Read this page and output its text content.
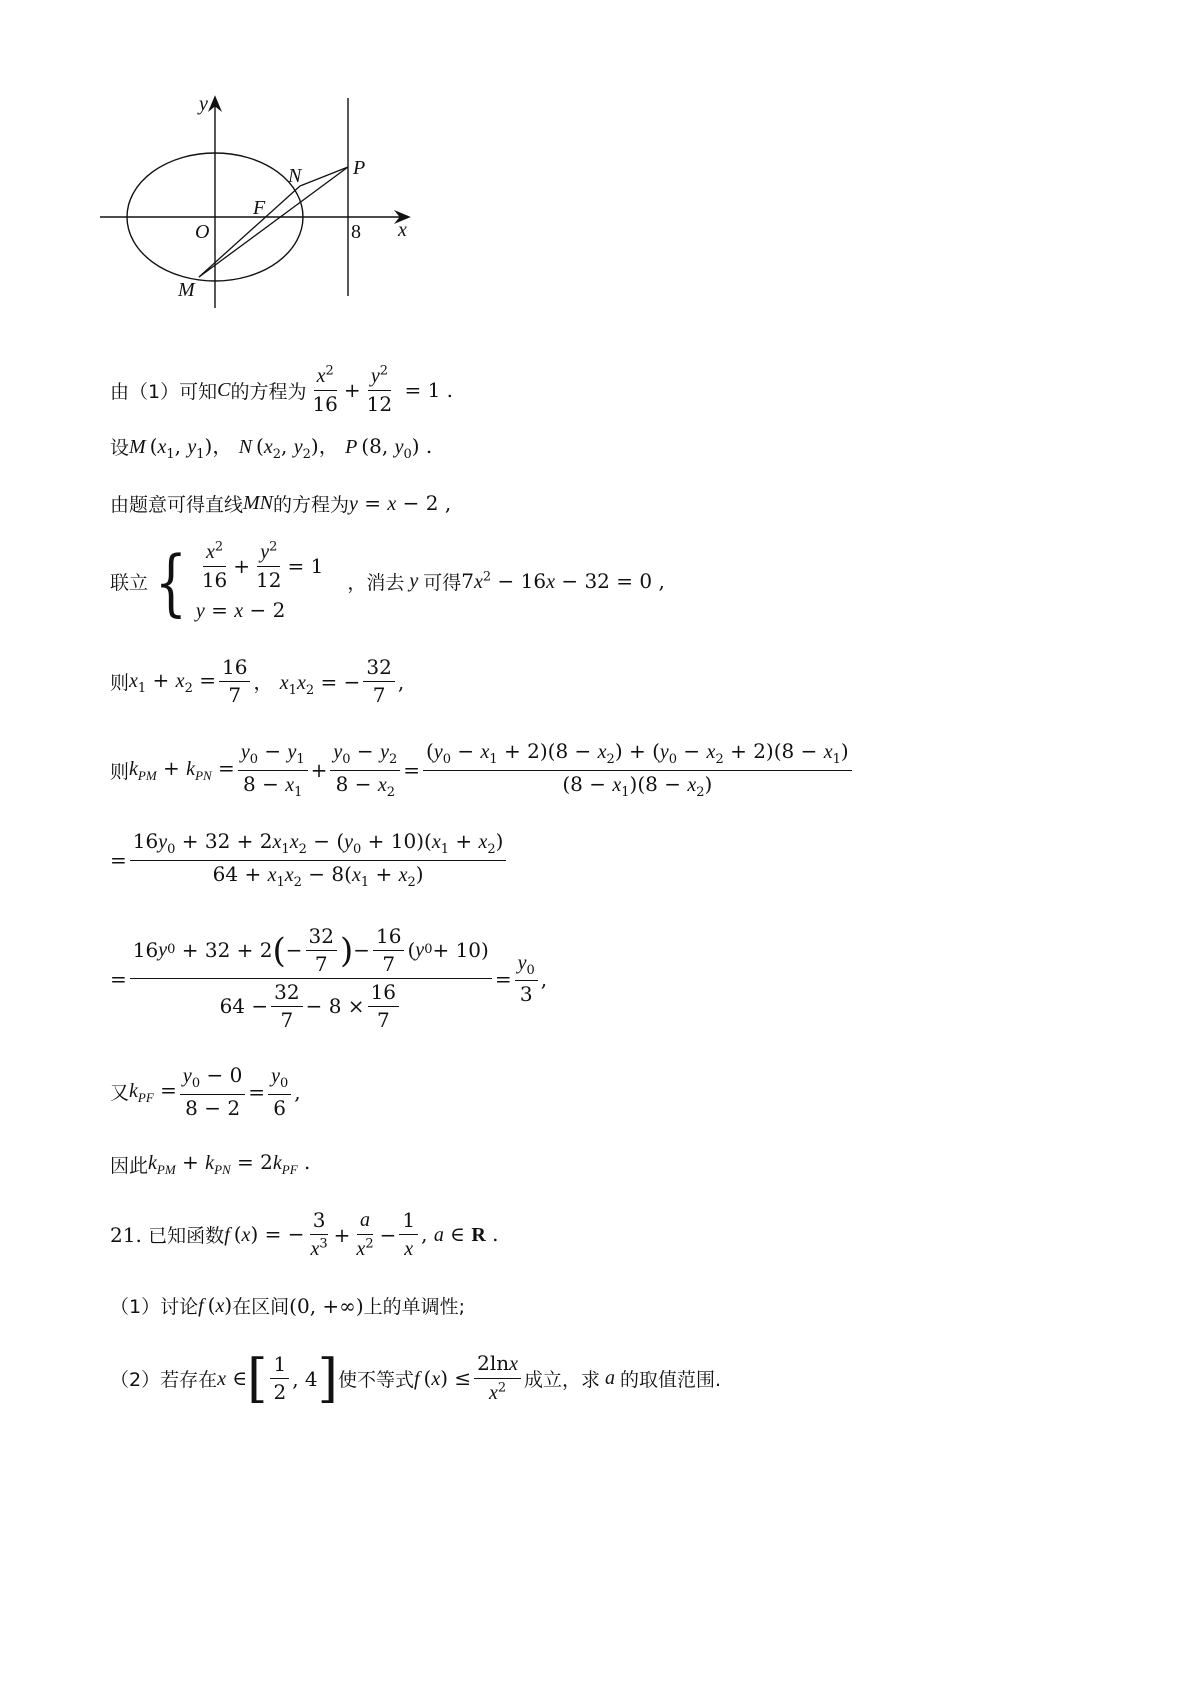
y
x
O
F
N	P
M
8
由（1）可知 C 的方程为 $\frac{x^2}{16} + \frac{y^2}{12} = 1$ .
设 M ($x_1$, $y_1$)， N ($x_2$, $y_2$)， P (8, $y_0$) .
由题意可得直线 MN 的方程为 y = x − 2 ,
联立 { $\frac{x^2}{16} + \frac{y^2}{12} = 1$
y = x − 2
，消去 y 可得 $7x^2 - 16x - 32 = 0$ ,
则 $x_1 + x_2 = \frac{16}{7}$ ， $x_1x_2$ = − $\frac{32}{7}$ ,
则 $k_{PM} + k_{PN} = \frac{y_0 - y_1}{8 - x_1} + \frac{y_0 - y_2}{8 - x_2} = \frac{(y_0 - x_1 + 2)(8 - x_2) + (y_0 - x_2 + 2)(8 - x_1)}{(8 - x_1)(8 - x_2)}$
= $\frac{16y_0 + 32 + 2x_1x_2 - (y_0 + 10)(x_1 + x_2)}{64 + x_1x_2 - 8(x_1 + x_2)}$
= $\frac{16 y 0 + 32 + 2 ( - \frac{32}{7} ) - \frac{16}{7} ( y 0 + 10)}{64 - \frac{32}{7} - 8 \times \frac{16}{7}} = \frac{y_0}{3}$ ,
又 $k_{PF} = \frac{y_0 - 0}{8 - 2} = \frac{y_0}{6}$ ,
因此 $k_{PM} + k_{PN} = 2k_{PF}$ .
21.
已知函数 f (x) = − $\frac{3}{x^3} + \frac{a}{x^2} - \frac{1}{x}$ , a ∈ R .
（1）讨论 f (x) 在区间 (0, +∞) 上的单调性;
（2）若存在 x ∈ [ $\frac{1}{2}$ , 4 ] 使不等式 f $(x) \le \frac{2\ln x}{x^2}$ 成立，求 a 的取值范围.
